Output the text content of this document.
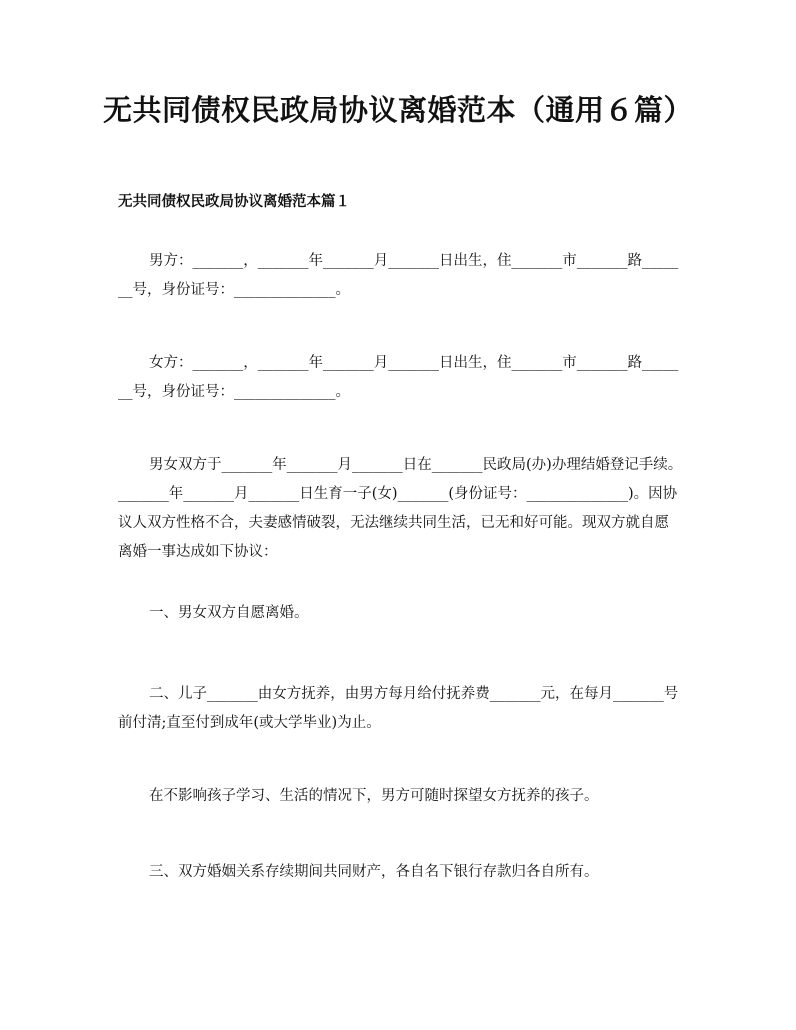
无共同债权民政局协议离婚范本（通用６篇）

无共同债权民政局协议离婚范本篇１

男方：_______，_______年_______月_______日出生，住_______市_______路_______号，身份证号：______________。

女方：_______，_______年_______月_______日出生，住_______市_______路_______号，身份证号：______________。

男女双方于_______年_______月_______日在_______民政局(办)办理结婚登记手续。_______年_______月_______日生育一子(女)_______(身份证号：______________)。因协议人双方性格不合，夫妻感情破裂，无法继续共同生活，已无和好可能。现双方就自愿离婚一事达成如下协议：

一、男女双方自愿离婚。

二、儿子_______由女方抚养，由男方每月给付抚养费_______元，在每月_______号前付清;直至付到成年(或大学毕业)为止。

在不影响孩子学习、生活的情况下，男方可随时探望女方抚养的孩子。

三、双方婚姻关系存续期间共同财产，各自名下银行存款归各自所有。
